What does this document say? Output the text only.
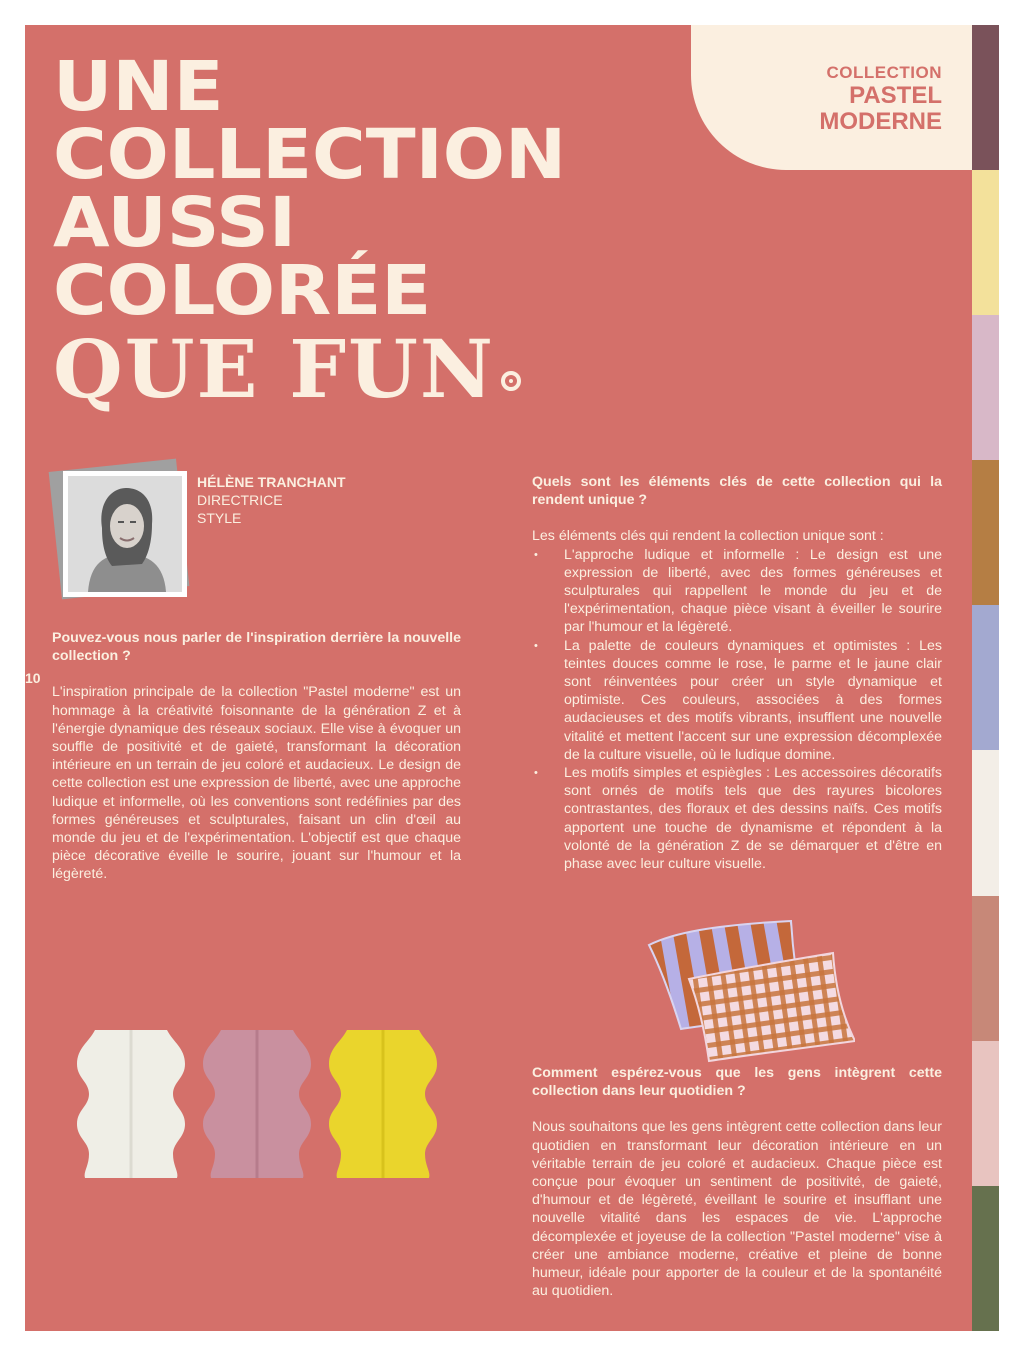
UNE
COLLECTION
AUSSI
COLORÉE
QUE FUN
COLLECTION
PASTEL
MODERNE
HÉLÈNE TRANCHANT
DIRECTRICE
STYLE
10
Pouvez-vous nous parler de l'inspiration derrière la nouvelle collection ?
L'inspiration principale de la collection "Pastel moderne" est un hommage à la créativité foisonnante de la génération Z et à l'énergie dynamique des réseaux sociaux. Elle vise à évoquer un souffle de positivité et de gaieté, transformant la décoration intérieure en un terrain de jeu coloré et audacieux. Le design de cette collection est une expression de liberté, avec une approche ludique et informelle, où les conventions sont redéfinies par des formes généreuses et sculpturales, faisant un clin d'œil au monde du jeu et de l'expérimentation. L'objectif est que chaque pièce décorative éveille le sourire, jouant sur l'humour et la légèreté.
Quels sont les éléments clés de cette collection qui la rendent unique ?
Les éléments clés qui rendent la collection unique sont :
• L'approche ludique et informelle : Le design est une expression de liberté, avec des formes généreuses et sculpturales qui rappellent le monde du jeu et de l'expérimentation, chaque pièce visant à éveiller le sourire par l'humour et la légèreté.
• La palette de couleurs dynamiques et optimistes : Les teintes douces comme le rose, le parme et le jaune clair sont réinventées pour créer un style dynamique et optimiste. Ces couleurs, associées à des formes audacieuses et des motifs vibrants, insufflent une nouvelle vitalité et mettent l'accent sur une expression décomplexée de la culture visuelle, où le ludique domine.
• Les motifs simples et espiègles : Les accessoires décoratifs sont ornés de motifs tels que des rayures bicolores contrastantes, des floraux et des dessins naïfs. Ces motifs apportent une touche de dynamisme et répondent à la volonté de la génération Z de se démarquer et d'être en phase avec leur culture visuelle.
Comment espérez-vous que les gens intègrent cette collection dans leur quotidien ?
Nous souhaitons que les gens intègrent cette collection dans leur quotidien en transformant leur décoration intérieure en un véritable terrain de jeu coloré et audacieux. Chaque pièce est conçue pour évoquer un sentiment de positivité, de gaieté, d'humour et de légèreté, éveillant le sourire et insufflant une nouvelle vitalité dans les espaces de vie. L'approche décomplexée et joyeuse de la collection "Pastel moderne" vise à créer une ambiance moderne, créative et pleine de bonne humeur, idéale pour apporter de la couleur et de la spontanéité au quotidien.
